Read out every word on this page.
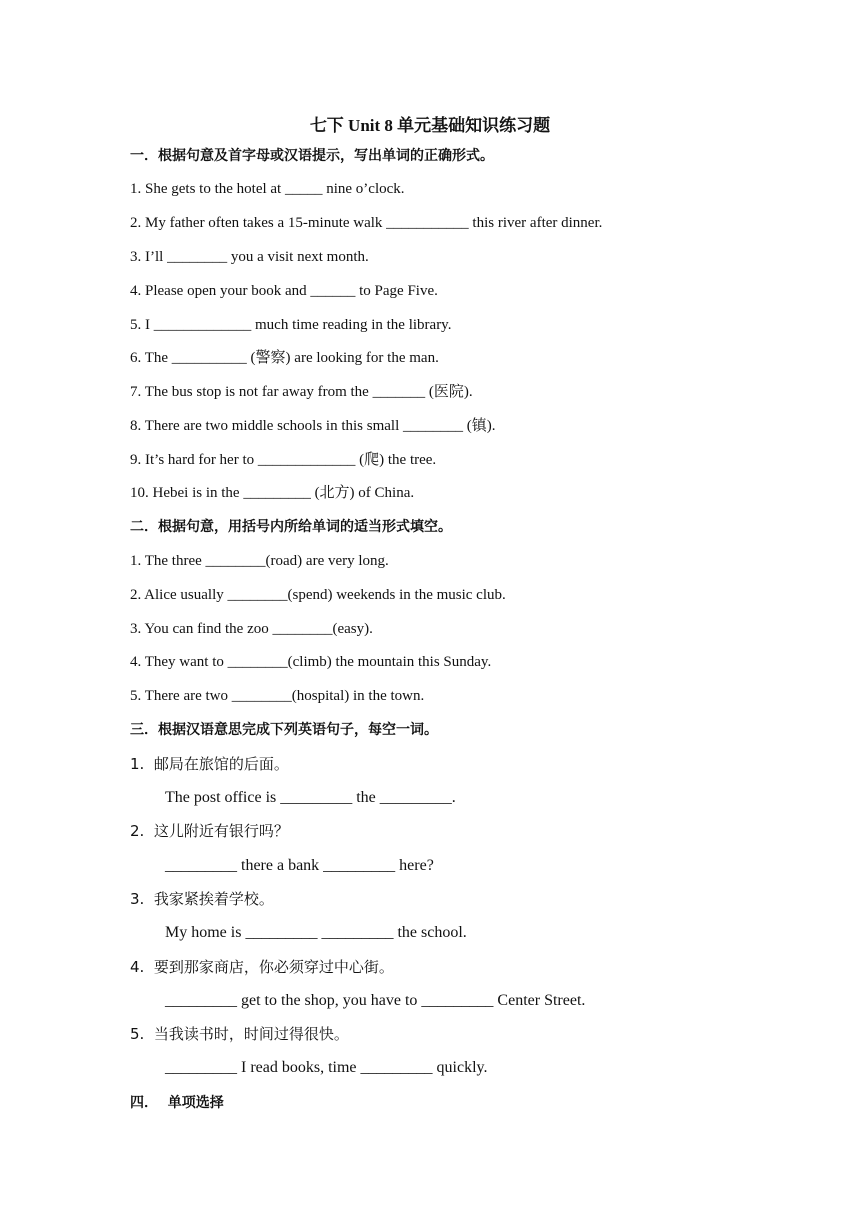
七下 Unit 8 单元基础知识练习题
一．根据句意及首字母或汉语提示，写出单词的正确形式。
1. She gets to the hotel at _____ nine o’clock.
2. My father often takes a 15-minute walk ___________ this river after dinner.
3. I’ll ________ you a visit next month.
4. Please open your book and ______ to Page Five.
5. I _____________ much time reading in the library.
6. The __________ (警察) are looking for the man.
7. The bus stop is not far away from the _______ (医院).
8. There are two middle schools in this small ________ (镇).
9. It’s hard for her to _____________ (爬) the tree.
10. Hebei is in the _________ (北方) of China.
二．根据句意，用括号内所给单词的适当形式填空。
1. The three ________(road) are very long.
2. Alice usually ________(spend) weekends in the music club.
3. You can find the zoo ________(easy).
4. They want to ________(climb) the mountain this Sunday.
5. There are two ________(hospital) in the town.
三．根据汉语意思完成下列英语句子，每空一词。
1.  邮局在旅馆的后面。
The post office is _________ the _________.
2.  这儿附近有银行吗？
_________ there a bank _________ here?
3.  我家紧挨着学校。
My home is _________ _________ the school.
4.  要到那家商店，你必须穿过中心街。
_________ get to the shop, you have to _________ Center Street.
5.  当我读书时，时间过得很快。
_________ I read books, time _________ quickly.
四．  单项选择
